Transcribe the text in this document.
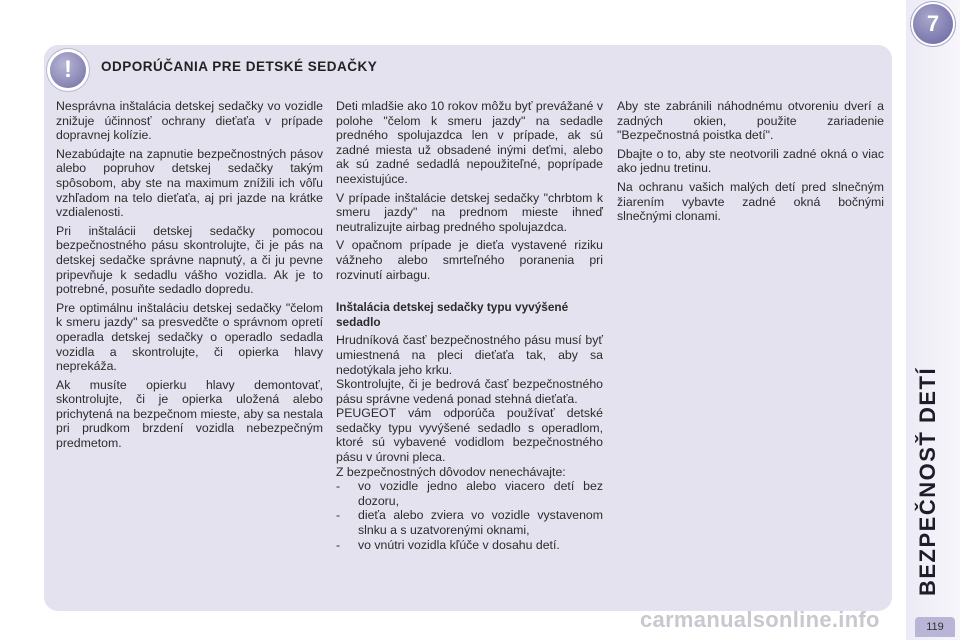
7
BEZPEČNOSŤ DETÍ
119
! ODPORÚČANIA PRE DETSKÉ SEDAČKY

Nesprávna inštalácia detskej sedačky vo vozidle znižuje účinnosť ochrany dieťaťa v prípade dopravnej kolízie.

Nezabúdajte na zapnutie bezpečnostných pásov alebo popruhov detskej sedačky takým spôsobom, aby ste na maximum znížili ich vôľu vzhľadom na telo dieťaťa, aj pri jazde na krátke vzdialenosti.

Pri inštalácii detskej sedačky pomocou bezpečnostného pásu skontrolujte, či je pás na detskej sedačke správne napnutý, a či ju pevne pripevňuje k sedadlu vášho vozidla. Ak je to potrebné, posuňte sedadlo dopredu.

Pre optimálnu inštaláciu detskej sedačky "čelom k smeru jazdy" sa presvedčte o správnom opretí operadla detskej sedačky o operadlo sedadla vozidla a skontrolujte, či opierka hlavy neprekáža.

Ak musíte opierku hlavy demontovať, skontrolujte, či je opierka uložená alebo prichytená na bezpečnom mieste, aby sa nestala pri prudkom brzdení vozidla nebezpečným predmetom.

Deti mladšie ako 10 rokov môžu byť prevážané v polohe "čelom k smeru jazdy" na sedadle predného spolujazdca len v prípade, ak sú zadné miesta už obsadené inými deťmi, alebo ak sú zadné sedadlá nepoužiteľné, poprípade neexistujúce.

V prípade inštalácie detskej sedačky "chrbtom k smeru jazdy" na prednom mieste ihneď neutralizujte airbag predného spolujazdca.

V opačnom prípade je dieťa vystavené riziku vážneho alebo smrteľného poranenia pri rozvinutí airbagu.

Inštalácia detskej sedačky typu vyvýšené sedadlo

Hrudníková časť bezpečnostného pásu musí byť umiestnená na pleci dieťaťa tak, aby sa nedotýkala jeho krku.

Skontrolujte, či je bedrová časť bezpečnostného pásu správne vedená ponad stehná dieťaťa.

PEUGEOT vám odporúča používať detské sedačky typu vyvýšené sedadlo s operadlom, ktoré sú vybavené vodidlom bezpečnostného pásu v úrovni pleca.

Z bezpečnostných dôvodov nenechávajte:

- vo vozidle jedno alebo viacero detí bez dozoru,
- dieťa alebo zviera vo vozidle vystavenom slnku a s uzatvorenými oknami,
- vo vnútri vozidla kľúče v dosahu detí.

Aby ste zabránili náhodnému otvoreniu dverí a zadných okien, použite zariadenie "Bezpečnostná poistka detí".

Dbajte o to, aby ste neotvorili zadné okná o viac ako jednu tretinu.

Na ochranu vašich malých detí pred slnečným žiarením vybavte zadné okná bočnými slnečnými clonami.

carmanualsonline.info
